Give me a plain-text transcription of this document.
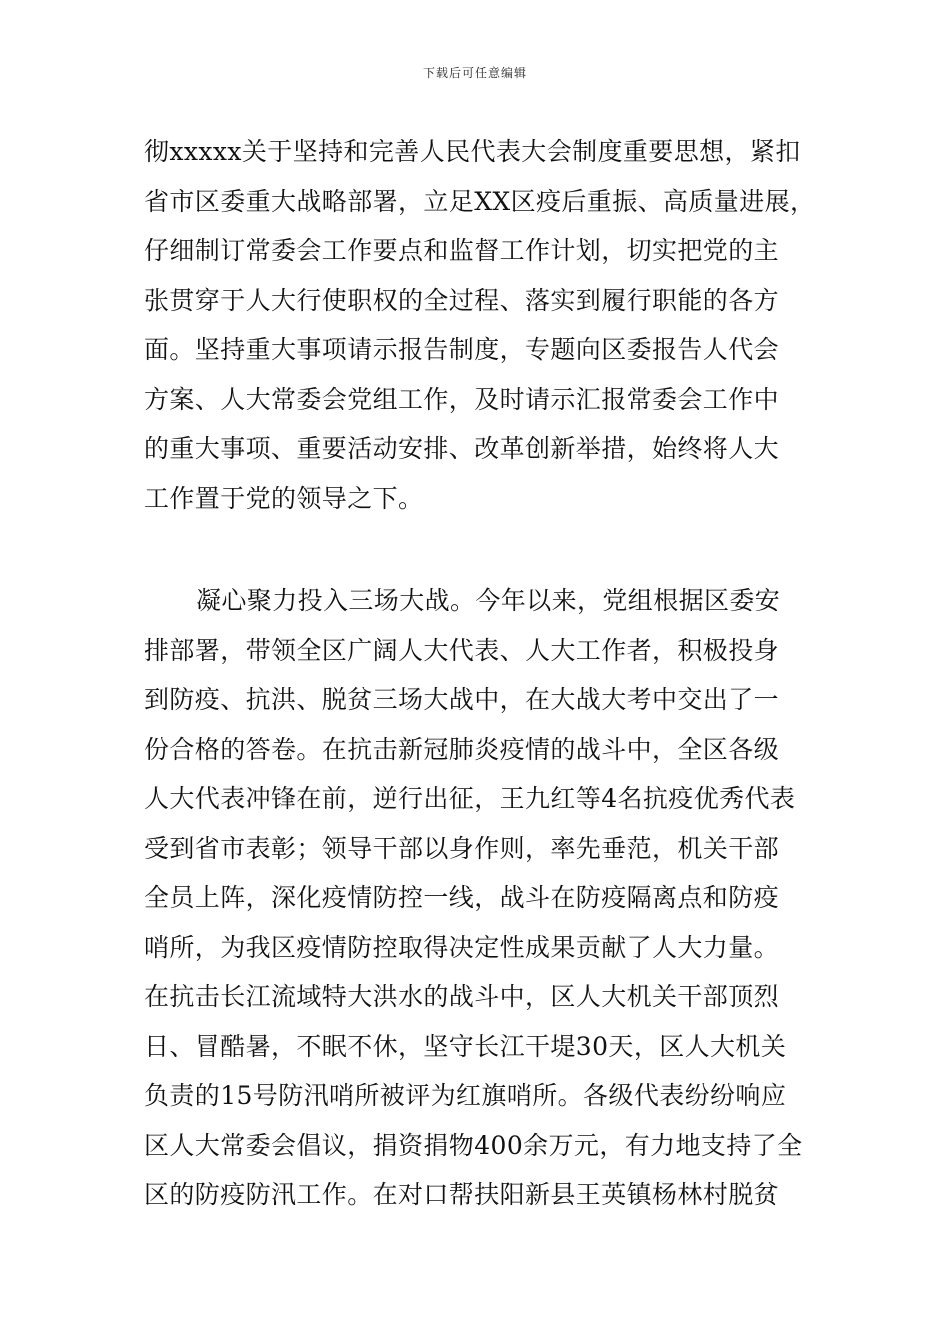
下载后可任意编辑
彻xxxxx关于坚持和完善人民代表大会制度重要思想，紧扣
省市区委重大战略部署，立足XX区疫后重振、高质量进展，
仔细制订常委会工作要点和监督工作计划，切实把党的主
张贯穿于人大行使职权的全过程、落实到履行职能的各方
面。坚持重大事项请示报告制度，专题向区委报告人代会
方案、人大常委会党组工作，及时请示汇报常委会工作中
的重大事项、重要活动安排、改革创新举措，始终将人大
工作置于党的领导之下。
凝心聚力投入三场大战。今年以来，党组根据区委安
排部署，带领全区广阔人大代表、人大工作者，积极投身
到防疫、抗洪、脱贫三场大战中，在大战大考中交出了一
份合格的答卷。在抗击新冠肺炎疫情的战斗中，全区各级
人大代表冲锋在前，逆行出征，王九红等4名抗疫优秀代表
受到省市表彰；领导干部以身作则，率先垂范，机关干部
全员上阵，深化疫情防控一线，战斗在防疫隔离点和防疫
哨所，为我区疫情防控取得决定性成果贡献了人大力量。
在抗击长江流域特大洪水的战斗中，区人大机关干部顶烈
日、冒酷暑，不眠不休，坚守长江干堤30天，区人大机关
负责的15号防汛哨所被评为红旗哨所。各级代表纷纷响应
区人大常委会倡议，捐资捐物400余万元，有力地支持了全
区的防疫防汛工作。在对口帮扶阳新县王英镇杨林村脱贫
